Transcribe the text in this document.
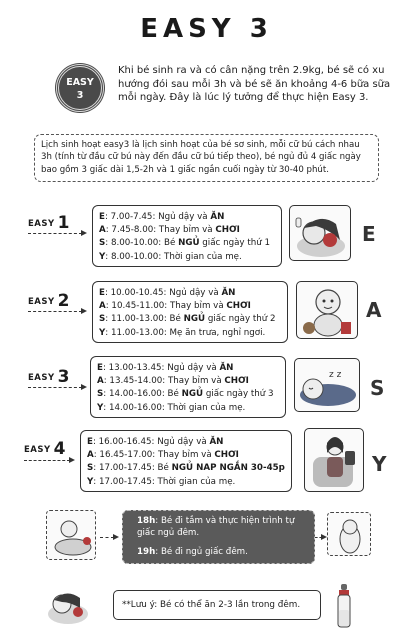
EASY 3
EASY
3
Khi bé sinh ra và có cân nặng trên 2.9kg, bé sẽ có xu hướng đói sau mỗi 3h và bé sẽ ăn khoảng 4-6 bữa sữa mỗi ngày. Đây là lúc lý tưởng để thực hiện Easy 3.
Lịch sinh hoạt easy3 là lịch sinh hoạt của bé sơ sinh, mỗi cữ bú cách nhau 3h (tính từ đầu cữ bú này đến đầu cữ bú tiếp theo), bé ngủ đủ 4 giấc ngày bao gồm 3 giấc dài 1,5-2h và 1 giấc ngắn cuối ngày từ 30-40 phút.
EASY 1	E: 7.00-7.45: Ngủ dậy và ĂN
A: 7.45-8.00: Thay bỉm và CHƠI
S: 8.00-10.00: Bé NGỦ giấc ngày thứ 1
Y: 8.00-10.00: Thời gian của mẹ.
E
EASY 2	E: 10.00-10.45: Ngủ dậy và ĂN
A: 10.45-11.00: Thay bỉm và CHƠI
S: 11.00-13.00: Bé NGỦ giấc ngày thứ 2
Y: 11.00-13.00: Mẹ ăn trưa, nghỉ ngơi.
A
EASY 3	E: 13.00-13.45: Ngủ dậy và ĂN
A: 13.45-14.00: Thay bỉm và CHƠI
S: 14.00-16.00: Bé NGỦ giấc ngày thứ 3
Y: 14.00-16.00: Thời gian của mẹ.
z z
S
EASY 4 E: 16.00-16.45: Ngủ dậy và ĂN
A: 16.45-17.00: Thay bỉm và CHƠI
S: 17.00-17.45: Bé NGỦ NAP NGẮN 30-45p
Y: 17.00-17.45: Thời gian của mẹ.
Y
18h: Bé đi tắm và thực hiện trình tự giấc ngủ đêm.
19h: Bé đi ngủ giấc đêm.
**Lưu ý: Bé có thể ăn 2-3 lần trong đêm.
